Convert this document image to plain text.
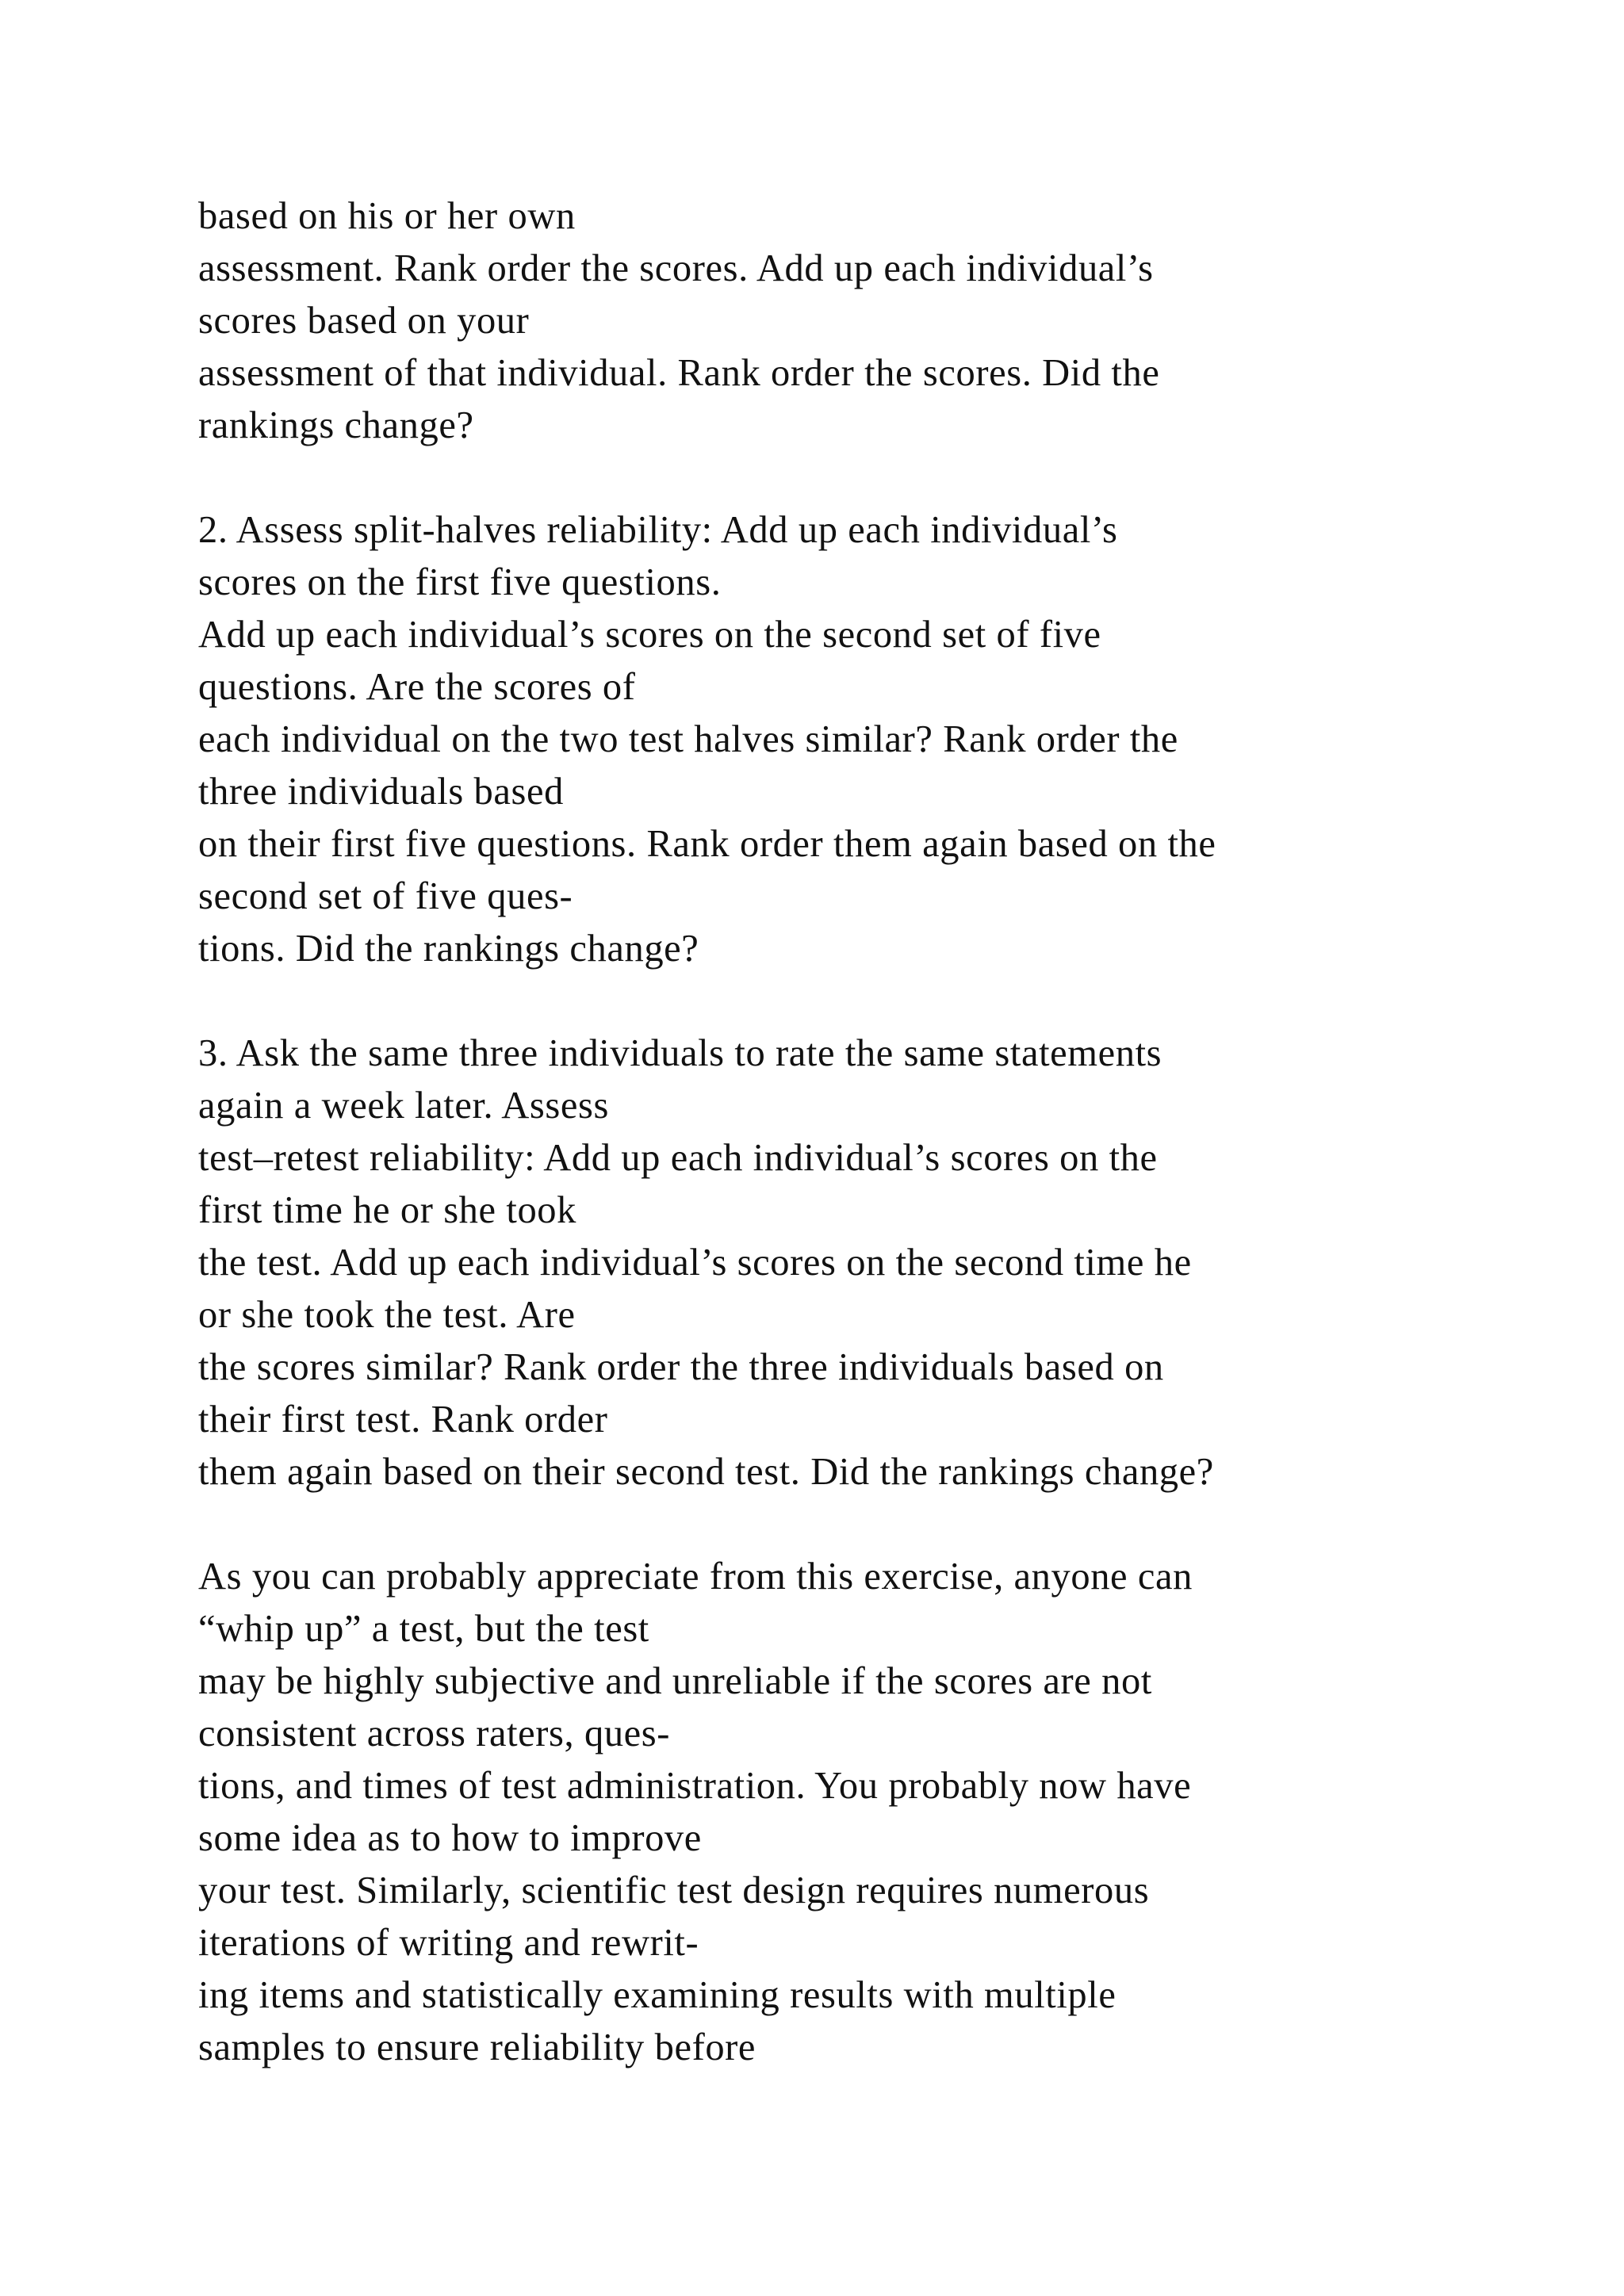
based on his or her own
assessment. Rank order the scores. Add up each individual’s
scores based on your
assessment of that individual. Rank order the scores. Did the
rankings change?
2. Assess split-halves reliability: Add up each individual’s
scores on the first five questions.
Add up each individual’s scores on the second set of five
questions. Are the scores of
each individual on the two test halves similar? Rank order the
three individuals based
on their first five questions. Rank order them again based on the
second set of five ques-
tions. Did the rankings change?
3. Ask the same three individuals to rate the same statements
again a week later. Assess
test–retest reliability: Add up each individual’s scores on the
first time he or she took
the test. Add up each individual’s scores on the second time he
or she took the test. Are
the scores similar? Rank order the three individuals based on
their first test. Rank order
them again based on their second test. Did the rankings change?
As you can probably appreciate from this exercise, anyone can
“whip up” a test, but the test
may be highly subjective and unreliable if the scores are not
consistent across raters, ques-
tions, and times of test administration. You probably now have
some idea as to how to improve
your test. Similarly, scientific test design requires numerous
iterations of writing and rewrit-
ing items and statistically examining results with multiple
samples to ensure reliability before
